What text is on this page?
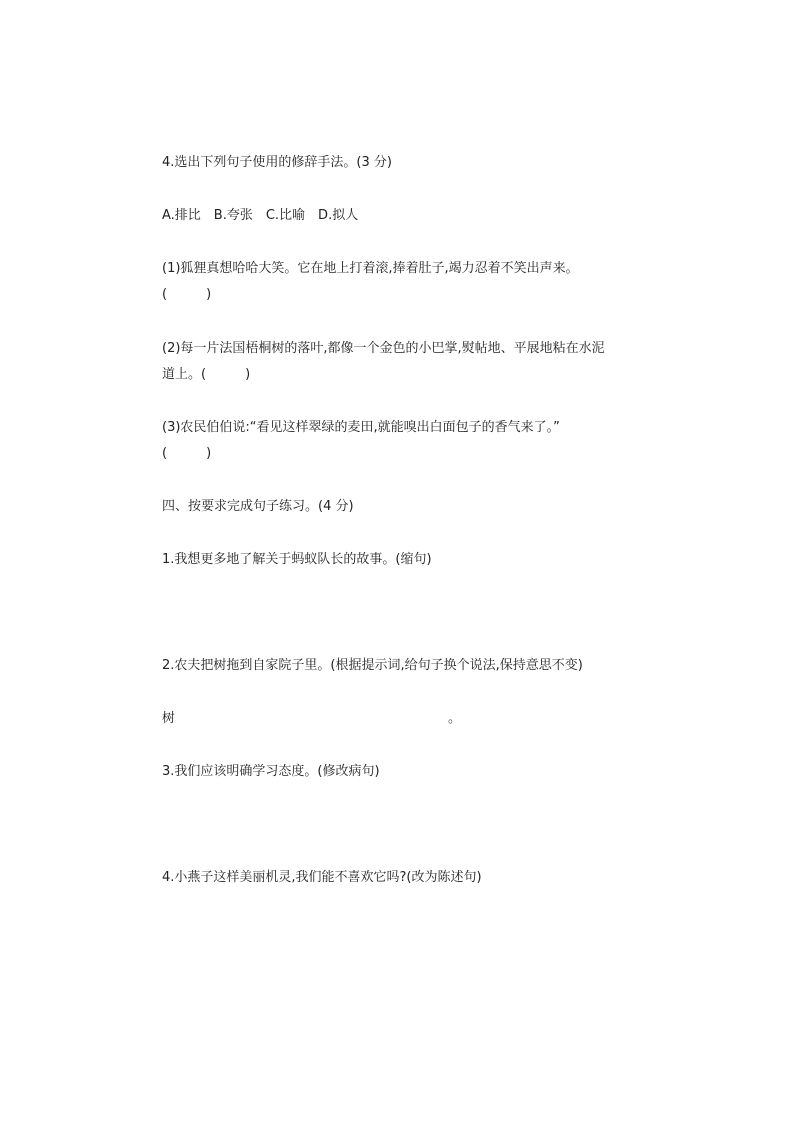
4.选出下列句子使用的修辞手法。(3 分)
A.排比　B.夸张　C.比喻　D.拟人
(1)狐狸真想哈哈大笑。它在地上打着滚,捧着肚子,竭力忍着不笑出声来。
(　　　)
(2)每一片法国梧桐树的落叶,都像一个金色的小巴掌,熨帖地、平展地粘在水泥
道上。(　　　)
(3)农民伯伯说:“看见这样翠绿的麦田,就能嗅出白面包子的香气来了。”
(　　　)
四、按要求完成句子练习。(4 分)
1.我想更多地了解关于蚂蚁队长的故事。(缩句)
2.农夫把树拖到自家院子里。(根据提示词,给句子换个说法,保持意思不变)
树	。
3.我们应该明确学习态度。(修改病句)
4.小燕子这样美丽机灵,我们能不喜欢它吗?(改为陈述句)
